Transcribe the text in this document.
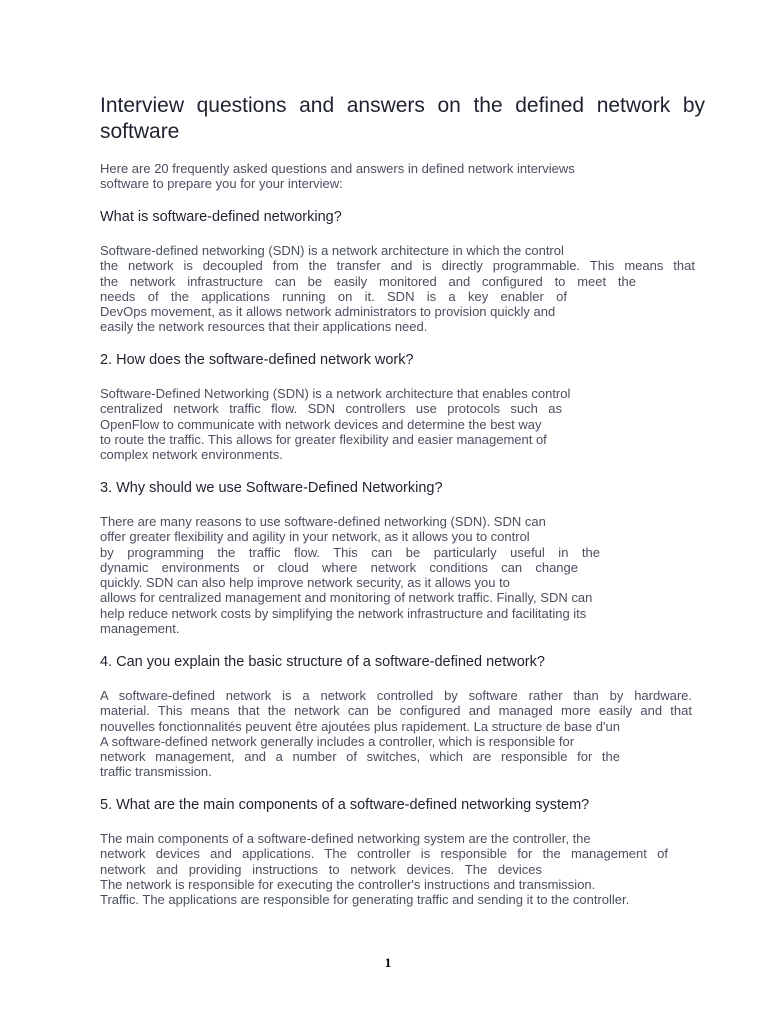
Interview questions and answers on the defined network by software
Here are 20 frequently asked questions and answers in defined network interviews
software to prepare you for your interview:
What is software-defined networking?
Software-defined networking (SDN) is a network architecture in which the control
the network is decoupled from the transfer and is directly programmable. This means that
the network infrastructure can be easily monitored and configured to meet the
needs of the applications running on it. SDN is a key enabler of
DevOps movement, as it allows network administrators to provision quickly and
easily the network resources that their applications need.
2. How does the software-defined network work?
Software-Defined Networking (SDN) is a network architecture that enables control
centralized network traffic flow. SDN controllers use protocols such as
OpenFlow to communicate with network devices and determine the best way
to route the traffic. This allows for greater flexibility and easier management of
complex network environments.
3. Why should we use Software-Defined Networking?
There are many reasons to use software-defined networking (SDN). SDN can
offer greater flexibility and agility in your network, as it allows you to control
by programming the traffic flow. This can be particularly useful in the
dynamic environments or cloud where network conditions can change
quickly. SDN can also help improve network security, as it allows you to
allows for centralized management and monitoring of network traffic. Finally, SDN can
help reduce network costs by simplifying the network infrastructure and facilitating its
management.
4. Can you explain the basic structure of a software-defined network?
A software-defined network is a network controlled by software rather than by hardware.
material. This means that the network can be configured and managed more easily and that
nouvelles fonctionnalités peuvent être ajoutées plus rapidement. La structure de base d'un
A software-defined network generally includes a controller, which is responsible for
network management, and a number of switches, which are responsible for the
traffic transmission.
5. What are the main components of a software-defined networking system?
The main components of a software-defined networking system are the controller, the
network devices and applications. The controller is responsible for the management of
network and providing instructions to network devices. The devices
The network is responsible for executing the controller's instructions and transmission.
Traffic. The applications are responsible for generating traffic and sending it to the controller.
1
